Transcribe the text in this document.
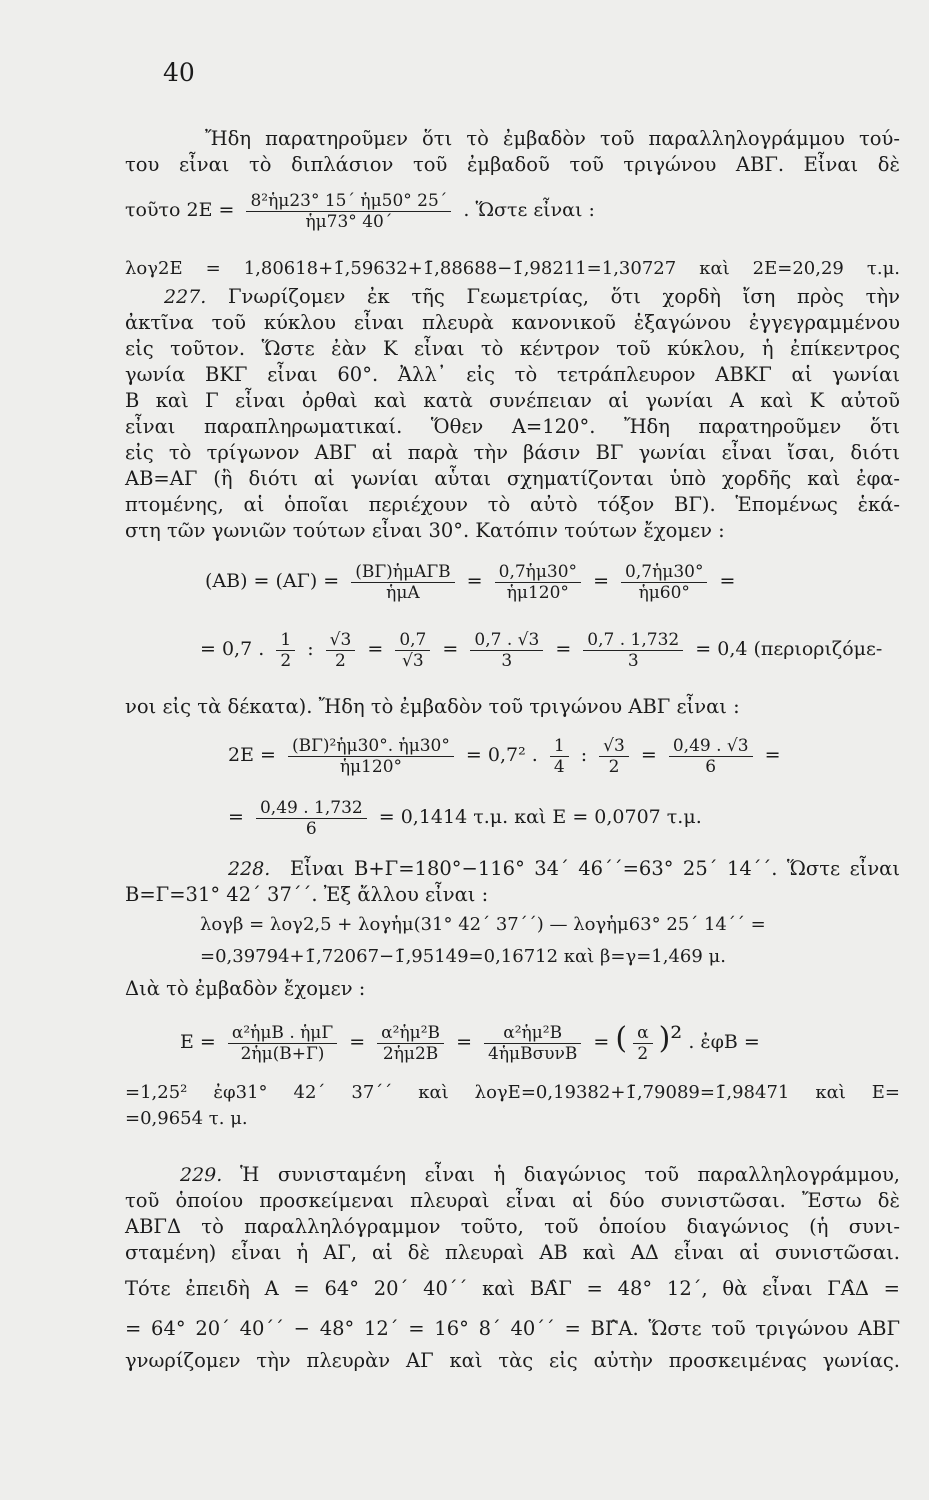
40
Ἤδη παρατηροῦμεν ὅτι τὸ ἐμβαδὸν τοῦ παραλληλογράμμου τού-
του εἶναι τὸ διπλάσιον τοῦ ἐμβαδοῦ τοῦ τριγώνου ΑΒΓ. Εἶναι δὲ
τοῦτο $2E = \frac{\text{8²ἡμ23° 15΄ ἡμ50° 25΄}}{\text{ἡμ73° 40΄}}$ . Ὥστε εἶναι :
λογ2Ε = 1,80618+1̄,59632+1̄,88688−1̄,98211=1,30727 καὶ 2Ε=20,29 τ.μ.
Γνωρίζομεν ἐκ τῆς Γεωμετρίας, ὅτι χορδὴ ἴση πρὸς τὴν
227.
ἀκτῖνα τοῦ κύκλου εἶναι πλευρὰ κανονικοῦ ἑξαγώνου ἐγγεγραμμένου
εἰς τοῦτον. Ὥστε ἐὰν Κ εἶναι τὸ κέντρον τοῦ κύκλου, ἡ ἐπίκεντρος
γωνία ΒΚΓ εἶναι 60°. Ἀλλ᾽ εἰς τὸ τετράπλευρον ΑΒΚΓ αἱ γωνίαι
Β καὶ Γ εἶναι ὀρθαὶ καὶ κατὰ συνέπειαν αἱ γωνίαι Α καὶ Κ αὐτοῦ
εἶναι παραπληρωματικαί. Ὅθεν Α=120°. Ἤδη παρατηροῦμεν ὅτι
εἰς τὸ τρίγωνον ΑΒΓ αἱ παρὰ τὴν βάσιν ΒΓ γωνίαι εἶναι ἴσαι, διότι
ΑΒ=ΑΓ (ἢ διότι αἱ γωνίαι αὗται σχηματίζονται ὑπὸ χορδῆς καὶ ἐφα-
πτομένης, αἱ ὁποῖαι περιέχουν τὸ αὐτὸ τόξον ΒΓ). Ἑπομένως ἑκά-
στη τῶν γωνιῶν τούτων εἶναι 30°. Κατόπιν τούτων ἔχομεν :
$(AB) = (A\Gamma) = \frac{\text{(ΒΓ)ἡμΑΓΒ}}{\text{ἡμΑ}} = \frac{\text{0,7ἡμ30°}}{\text{ἡμ120°}} = \frac{\text{0,7ἡμ30°}}{\text{ἡμ60°}}$ =
= 0,7 . $\frac{1}{2}$ : $\frac{√3}{2} = \frac{0,7}{√3} = \frac{0,7 . √3}{3} = \frac{0,7 . 1,732}{3} = 0,4$ (περιοριζόμε-
νοι εἰς τὰ δέκατα). Ἤδη τὸ ἐμβαδὸν τοῦ τριγώνου ΑΒΓ εἶναι :
$2E = \frac{\text{(ΒΓ)²ἡμ30°. ἡμ30°}}{\text{ἡμ120°}} = 0,7^2$ . $\frac{1}{4}$ : $\frac{√3}{2} = \frac{0,49 . √3}{6}$ =
= $\frac{0,49 . 1,732}{6} = 0,1414$ τ.μ. καὶ Ε = 0,0707 τ.μ.
228. Εἶναι Β+Γ=180°−116° 34΄ 46΄΄=63° 25΄ 14΄΄. Ὥστε εἶναι
Β=Γ=31° 42΄ 37΄΄. Ἐξ ἄλλου εἶναι :
λογβ = λογ2,5 + λογἡμ(31° 42΄ 37΄΄) — λογἡμ63° 25΄ 14΄΄ =
=0,39794+1̄,72067−1̄,95149=0,16712 καὶ β=γ=1,469 μ.
Διὰ τὸ ἐμβαδὸν ἔχομεν :
$E = \frac{\text{α²ἡμΒ . ἡμΓ}}{\text{2ἡμ(Β+Γ)}} = \frac{\text{α²ἡμ²Β}}{\text{2ἡμ2Β}} = \frac{\text{α²ἡμ²Β}}{\text{4ἡμΒσυνΒ}}$ = ( $\frac{\alpha}{2} )^2$ . ἐφΒ =
=1,25² ἐφ31° 42΄ 37΄΄ καὶ λογΕ=0,19382+1̄,79089=1̄,98471 καὶ Ε=
=0,9654 τ. μ.
229. Ἡ συνισταμένη εἶναι ἡ διαγώνιος τοῦ παραλληλογράμμου,
τοῦ ὁποίου προσκείμεναι πλευραὶ εἶναι αἱ δύο συνιστῶσαι. Ἔστω δὲ
ΑΒΓΔ τὸ παραλληλόγραμμον τοῦτο, τοῦ ὁποίου διαγώνιος (ἡ συνι-
σταμένη) εἶναι ἡ ΑΓ, αἱ δὲ πλευραὶ ΑΒ καὶ ΑΔ εἶναι αἱ συνιστῶσαι.
Τότε ἐπειδὴ Α = 64° 20΄ 40΄΄ καὶ ΒΑ̂Γ = 48° 12΄, θὰ εἶναι ΓΑ̂Δ =
= 64° 20΄ 40΄΄ − 48° 12΄ = 16° 8΄ 40΄΄ = ΒΓ̂Α. Ὥστε τοῦ τριγώνου ΑΒΓ
γνωρίζομεν τὴν πλευρὰν ΑΓ καὶ τὰς εἰς αὐτὴν προσκειμένας γωνίας.
